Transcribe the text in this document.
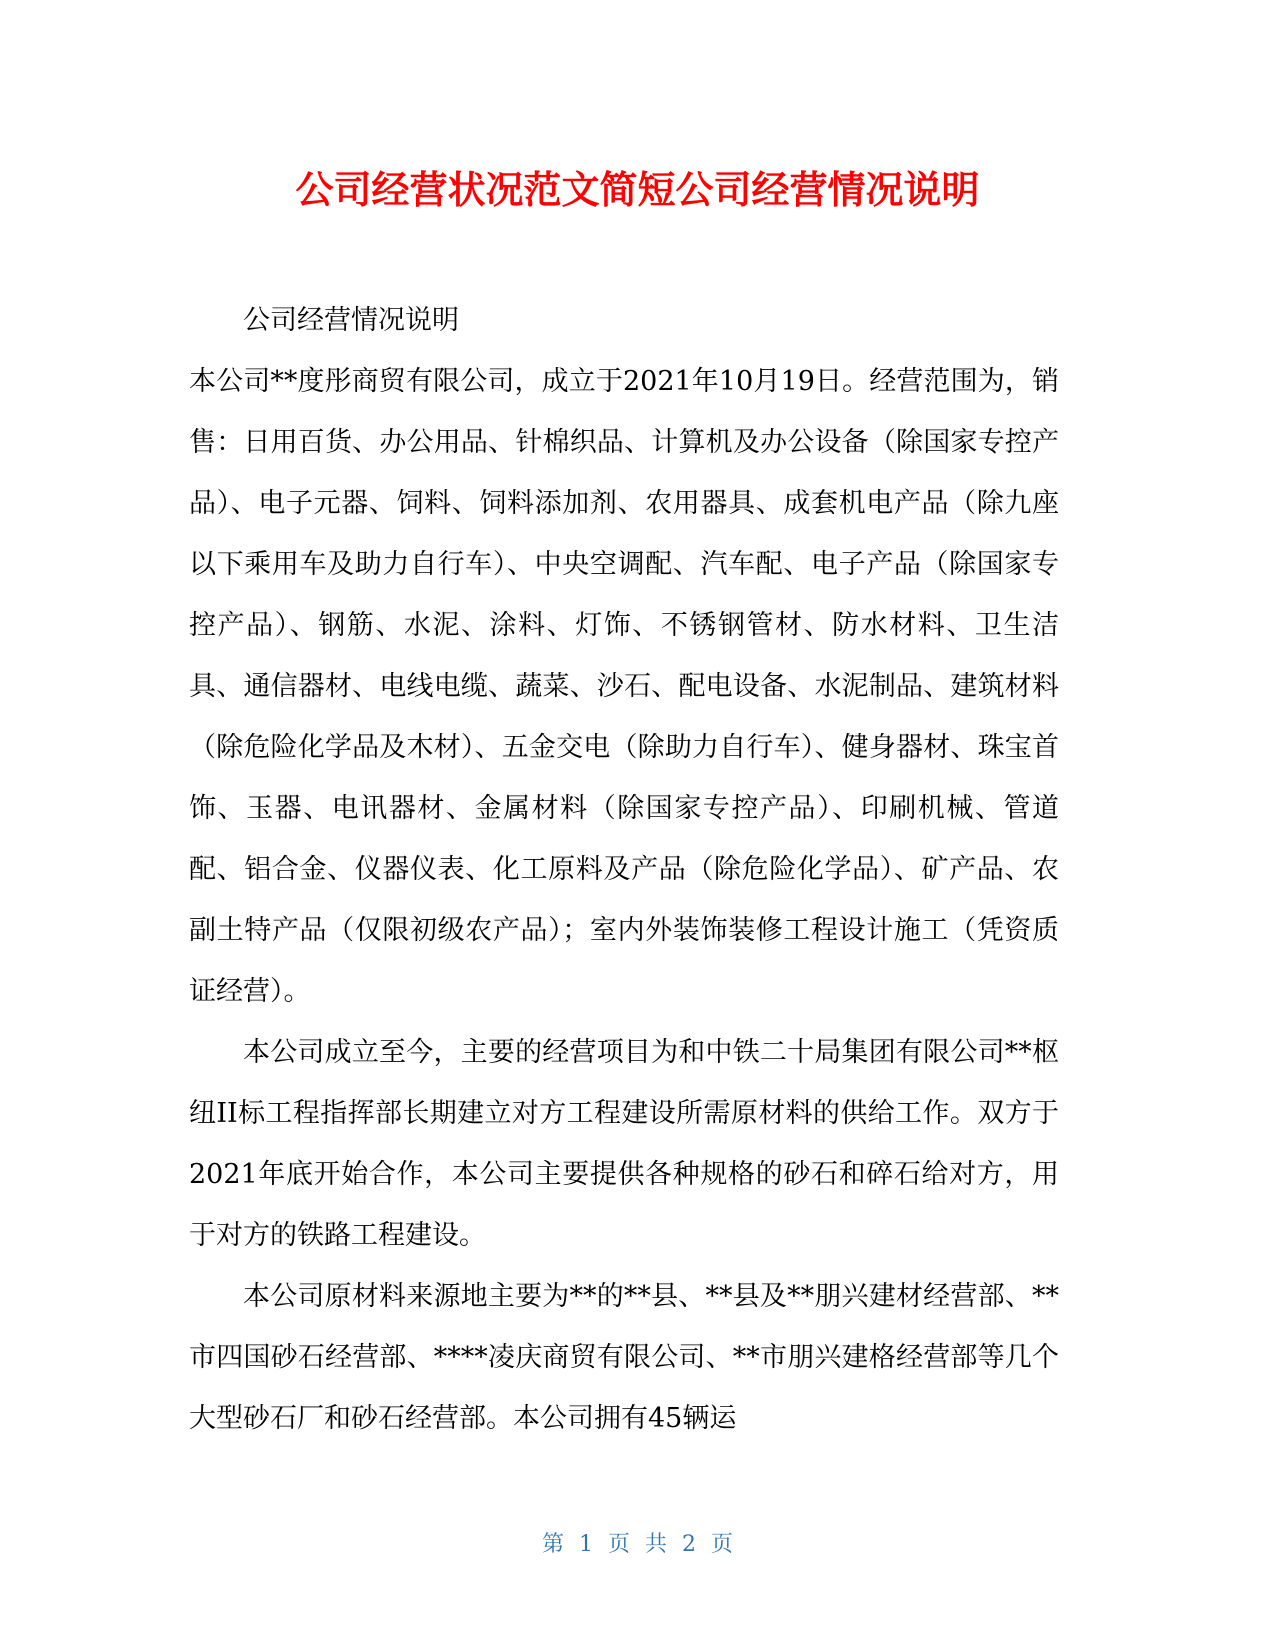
公司经营状况范文简短公司经营情况说明

公司经营情况说明

本公司**度彤商贸有限公司，成立于2021年10月19日。经营范围为，销售：日用百货、办公用品、针棉织品、计算机及办公设备（除国家专控产品）、电子元器、饲料、饲料添加剂、农用器具、成套机电产品（除九座以下乘用车及助力自行车）、中央空调配、汽车配、电子产品（除国家专控产品）、钢筋、水泥、涂料、灯饰、不锈钢管材、防水材料、卫生洁具、通信器材、电线电缆、蔬菜、沙石、配电设备、水泥制品、建筑材料（除危险化学品及木材）、五金交电（除助力自行车）、健身器材、珠宝首饰、玉器、电讯器材、金属材料（除国家专控产品）、印刷机械、管道配、铝合金、仪器仪表、化工原料及产品（除危险化学品）、矿产品、农副土特产品（仅限初级农产品）；室内外装饰装修工程设计施工（凭资质证经营）。

本公司成立至今，主要的经营项目为和中铁二十局集团有限公司**枢纽II标工程指挥部长期建立对方工程建设所需原材料的供给工作。双方于2021年底开始合作，本公司主要提供各种规格的砂石和碎石给对方，用于对方的铁路工程建设。

本公司原材料来源地主要为**的**县、**县及**朋兴建材经营部、**市四国砂石经营部、****凌庆商贸有限公司、**市朋兴建格经营部等几个大型砂石厂和砂石经营部。本公司拥有45辆运

第 1 页 共 2 页
